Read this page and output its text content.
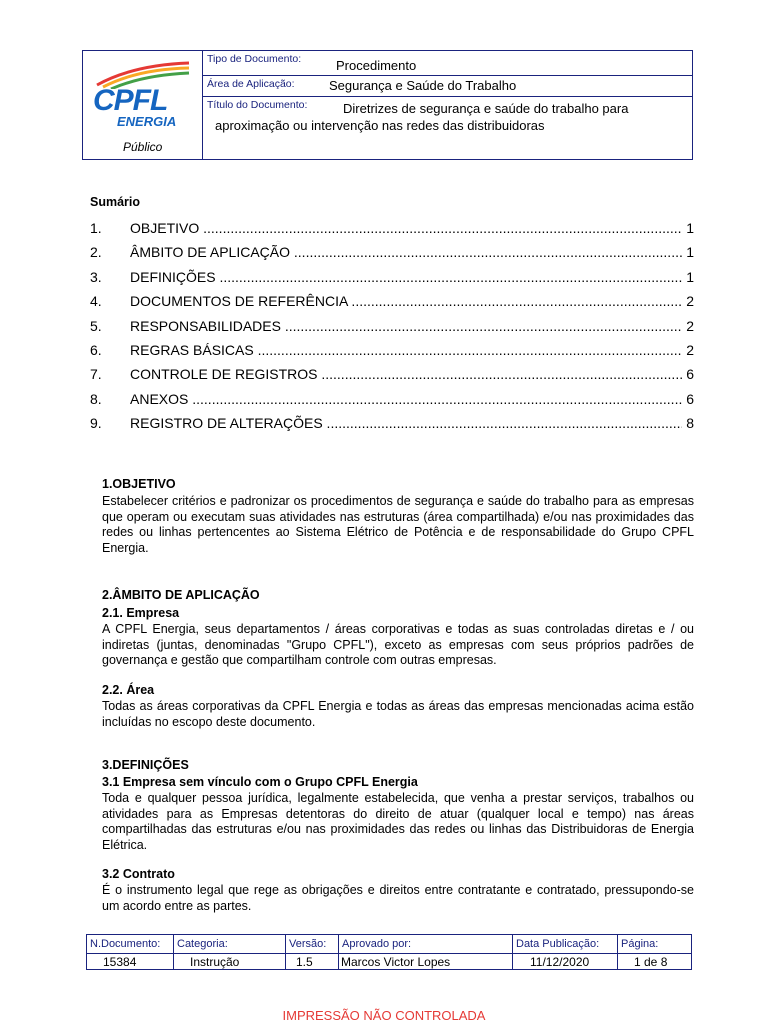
CPFL
ENERGIA
Público
Tipo de Documento:	Procedimento
Área de Aplicação:	Segurança e Saúde do Trabalho
Título do Documento:	Diretrizes de segurança e saúde do trabalho para
aproximação ou intervenção nas redes das distribuidoras
Sumário
1. OBJETIVO .....	1
2. ÂMBITO DE APLICAÇÃO .....	1
3. DEFINIÇÕES .....	1
4. DOCUMENTOS DE REFERÊNCIA .....	2
5. RESPONSABILIDADES .....	2
6. REGRAS BÁSICAS .....	2
7. CONTROLE DE REGISTROS .....	6
8. ANEXOS .....	6
9. REGISTRO DE ALTERAÇÕES .....	8
1.OBJETIVO
Estabelecer critérios e padronizar os procedimentos de segurança e saúde do trabalho para as empresas que operam ou executam suas atividades nas estruturas (área compartilhada) e/ou nas proximidades das redes ou linhas pertencentes ao Sistema Elétrico de Potência e de responsabilidade do Grupo CPFL Energia.
2.ÂMBITO DE APLICAÇÃO
2.1. Empresa
A CPFL Energia, seus departamentos / áreas corporativas e todas as suas controladas diretas e / ou indiretas (juntas, denominadas "Grupo CPFL"), exceto as empresas com seus próprios padrões de governança e gestão que compartilham controle com outras empresas.
2.2. Área
Todas as áreas corporativas da CPFL Energia e todas as áreas das empresas mencionadas acima estão incluídas no escopo deste documento.
3.DEFINIÇÕES
3.1 Empresa sem vínculo com o Grupo CPFL Energia
Toda e qualquer pessoa jurídica, legalmente estabelecida, que venha a prestar serviços, trabalhos ou atividades para as Empresas detentoras do direito de atuar (qualquer local e tempo) nas áreas compartilhadas das estruturas e/ou nas proximidades das redes ou linhas das Distribuidoras de Energia Elétrica.
3.2 Contrato
É o instrumento legal que rege as obrigações e direitos entre contratante e contratado, pressupondo-se um acordo entre as partes.
N.Documento:
15384
Categoria:
Instrução
Versão:
1.5
Aprovado por:
Marcos Victor Lopes
Data Publicação:
11/12/2020
Página:
1 de 8
IMPRESSÃO NÃO CONTROLADA
